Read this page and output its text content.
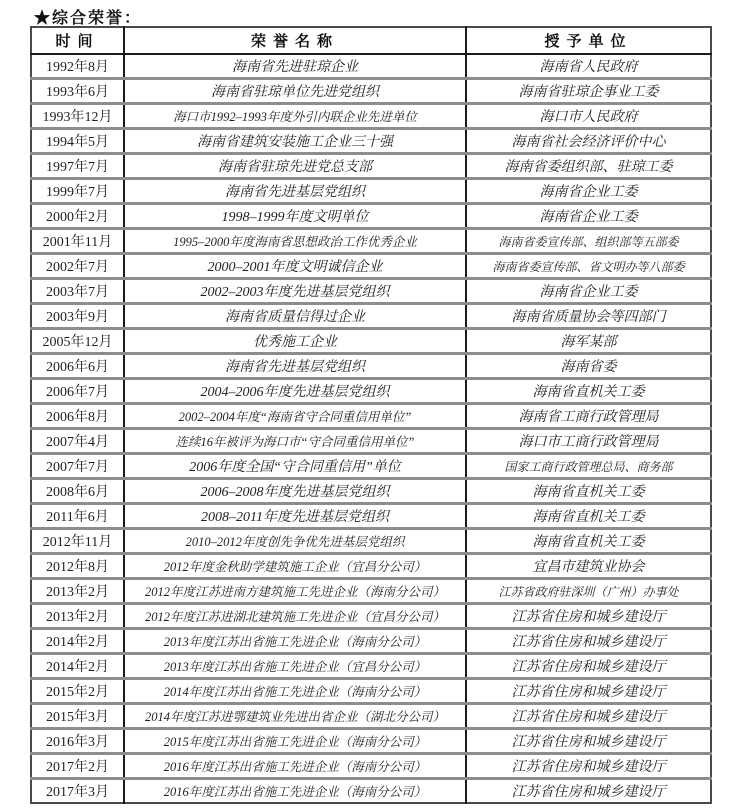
★综合荣誉：
时间	荣誉名称	授予单位
1992年8月	海南省先进驻琼企业	海南省人民政府
1993年6月	海南省驻琼单位先进党组织	海南省驻琼企事业工委
1993年12月	海口市1992–1993年度外引内联企业先进单位	海口市人民政府
1994年5月	海南省建筑安装施工企业三十强	海南省社会经济评价中心
1997年7月	海南省驻琼先进党总支部	海南省委组织部、驻琼工委
1999年7月	海南省先进基层党组织	海南省企业工委
2000年2月	1998–1999年度文明单位	海南省企业工委
2001年11月	1995–2000年度海南省思想政治工作优秀企业	海南省委宣传部、组织部等五部委
2002年7月	2000–2001年度文明诚信企业	海南省委宣传部、省文明办等八部委
2003年7月	2002–2003年度先进基层党组织	海南省企业工委
2003年9月	海南省质量信得过企业	海南省质量协会等四部门
2005年12月	优秀施工企业	海军某部
2006年6月	海南省先进基层党组织	海南省委
2006年7月	2004–2006年度先进基层党组织	海南省直机关工委
2006年8月	2002–2004年度“海南省守合同重信用单位”	海南省工商行政管理局
2007年4月	连续16年被评为海口市“守合同重信用单位”	海口市工商行政管理局
2007年7月	2006年度全国“守合同重信用”单位	国家工商行政管理总局、商务部
2008年6月	2006–2008年度先进基层党组织	海南省直机关工委
2011年6月	2008–2011年度先进基层党组织	海南省直机关工委
2012年11月	2010–2012年度创先争优先进基层党组织	海南省直机关工委
2012年8月	2012年度金秋助学建筑施工企业（宜昌分公司）	宜昌市建筑业协会
2013年2月	2012年度江苏进南方建筑施工先进企业（海南分公司）	江苏省政府驻深圳（广州）办事处
2013年2月	2012年度江苏进湖北建筑施工先进企业（宜昌分公司）	江苏省住房和城乡建设厅
2014年2月	2013年度江苏出省施工先进企业（海南分公司）	江苏省住房和城乡建设厅
2014年2月	2013年度江苏出省施工先进企业（宜昌分公司）	江苏省住房和城乡建设厅
2015年2月	2014年度江苏出省施工先进企业（海南分公司）	江苏省住房和城乡建设厅
2015年3月	2014年度江苏进鄂建筑业先进出省企业（湖北分公司）	江苏省住房和城乡建设厅
2016年3月	2015年度江苏出省施工先进企业（海南分公司）	江苏省住房和城乡建设厅
2017年2月	2016年度江苏出省施工先进企业（海南分公司）	江苏省住房和城乡建设厅
2017年3月	2016年度江苏出省施工先进企业（海南分公司）	江苏省住房和城乡建设厅
